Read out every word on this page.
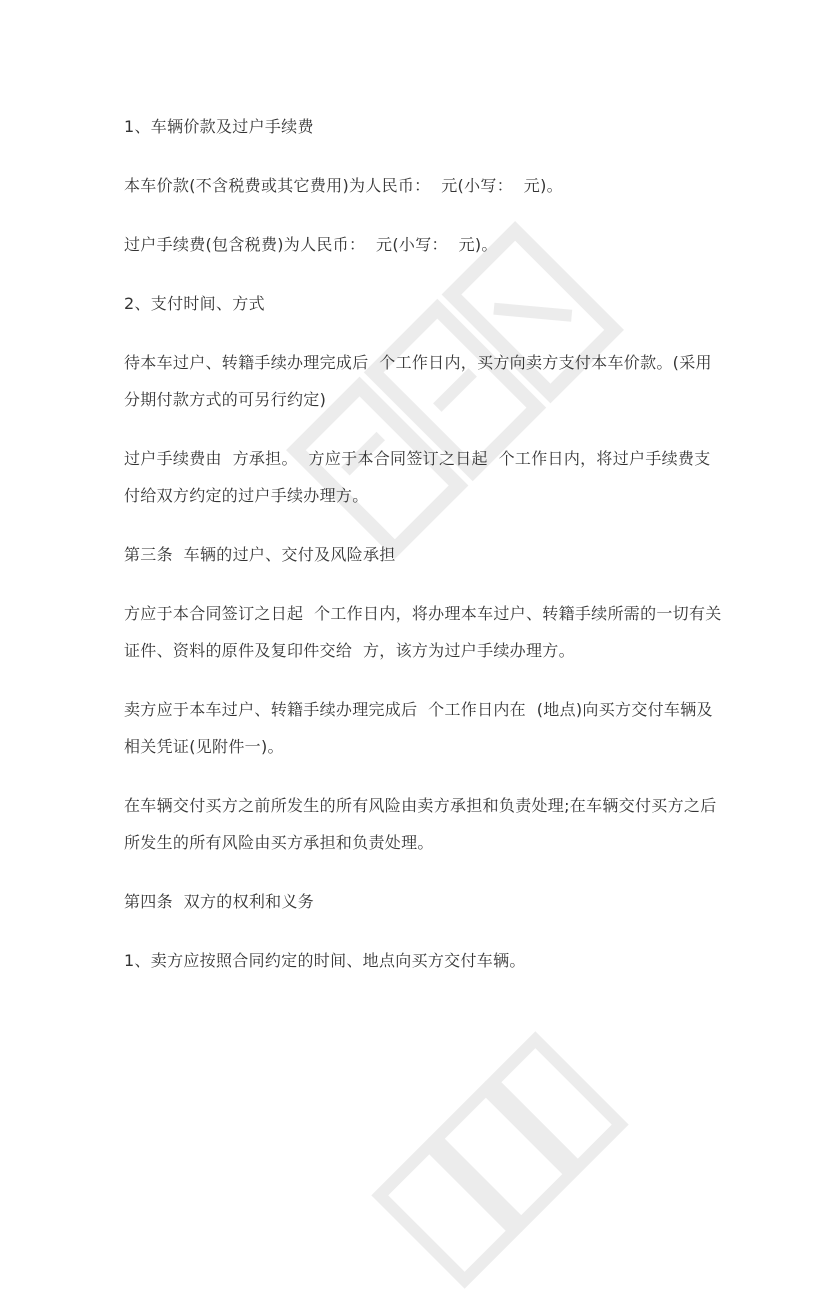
1、车辆价款及过户手续费

本车价款(不含税费或其它费用)为人民币：  元(小写：  元)。

过户手续费(包含税费)为人民币：  元(小写：  元)。

2、支付时间、方式

待本车过户、转籍手续办理完成后  个工作日内，买方向卖方支付本车价款。(采用分期付款方式的可另行约定)

过户手续费由  方承担。  方应于本合同签订之日起  个工作日内，将过户手续费支付给双方约定的过户手续办理方。

第三条  车辆的过户、交付及风险承担

方应于本合同签订之日起  个工作日内，将办理本车过户、转籍手续所需的一切有关证件、资料的原件及复印件交给  方，该方为过户手续办理方。

卖方应于本车过户、转籍手续办理完成后  个工作日内在  (地点)向买方交付车辆及相关凭证(见附件一)。

在车辆交付买方之前所发生的所有风险由卖方承担和负责处理;在车辆交付买方之后所发生的所有风险由买方承担和负责处理。

第四条  双方的权利和义务

1、卖方应按照合同约定的时间、地点向买方交付车辆。
